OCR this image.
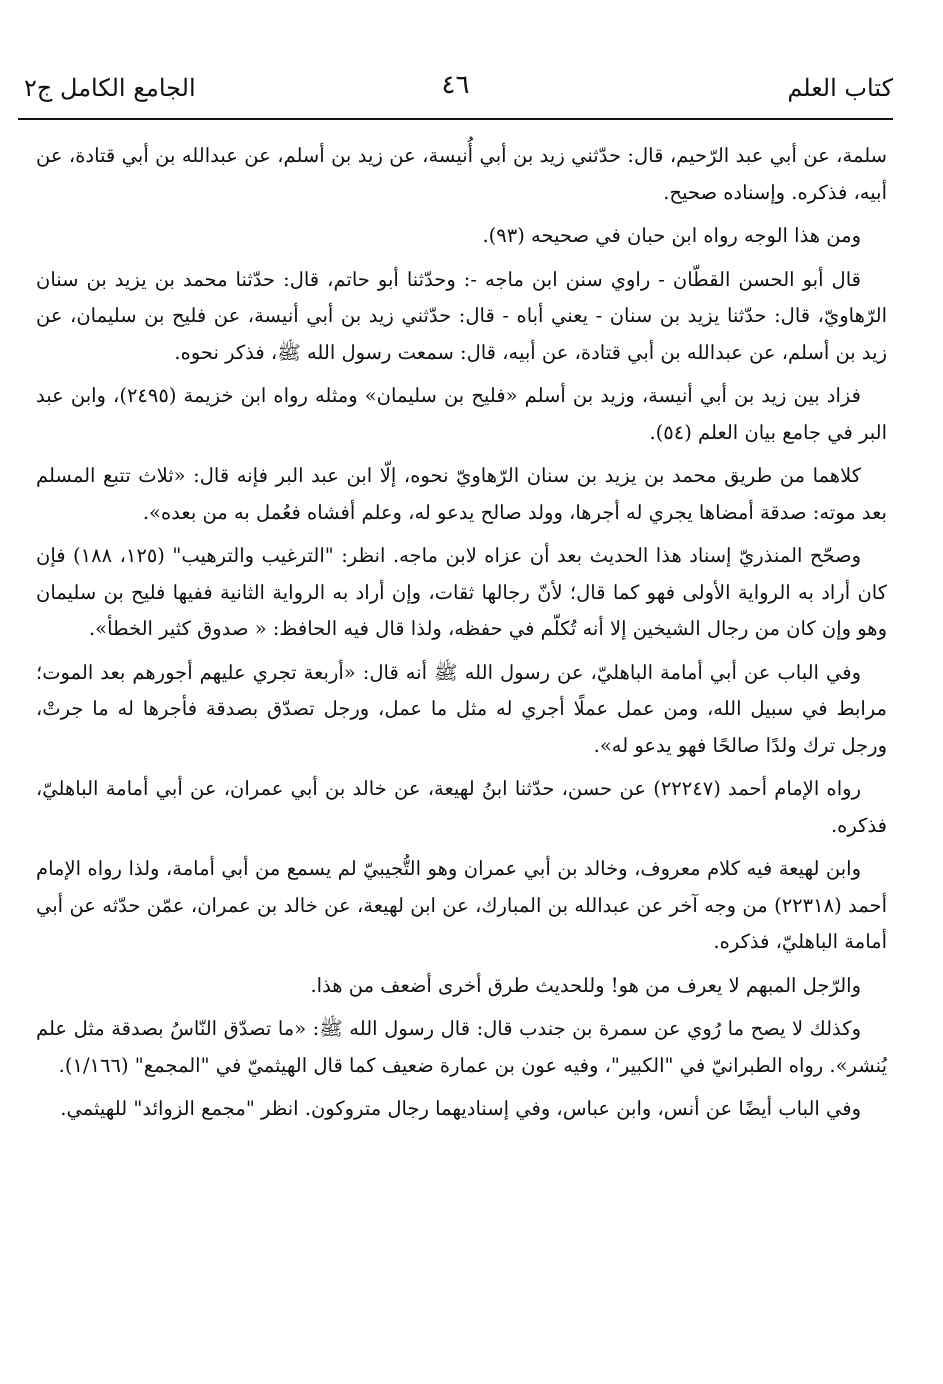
كتاب العلم
٤٦
الجامع الكامل ج٢

سلمة، عن أبي عبد الرّحيم، قال: حدّثني زيد بن أبي أُنيسة، عن زيد بن أسلم، عن عبدالله بن أبي قتادة، عن أبيه، فذكره. وإسناده صحيح.

ومن هذا الوجه رواه ابن حبان في صحيحه (٩٣).

قال أبو الحسن القطّان - راوي سنن ابن ماجه -: وحدّثنا أبو حاتم، قال: حدّثنا محمد بن يزيد بن سنان الرّهاويّ، قال: حدّثنا يزيد بن سنان - يعني أباه - قال: حدّثني زيد بن أبي أنيسة، عن فليح بن سليمان، عن زيد بن أسلم، عن عبدالله بن أبي قتادة، عن أبيه، قال: سمعت رسول الله ﷺ، فذكر نحوه.

فزاد بين زيد بن أبي أنيسة، وزيد بن أسلم «فليح بن سليمان» ومثله رواه ابن خزيمة (٢٤٩٥)، وابن عبد البر في جامع بيان العلم (٥٤).

كلاهما من طريق محمد بن يزيد بن سنان الرّهاويّ نحوه، إلّا ابن عبد البر فإنه قال: «ثلاث تتبع المسلم بعد موته: صدقة أمضاها يجري له أجرها، وولد صالح يدعو له، وعلم أفشاه فعُمل به من بعده».

وصحّح المنذريّ إسناد هذا الحديث بعد أن عزاه لابن ماجه. انظر: "الترغيب والترهيب" (١٢٥، ١٨٨) فإن كان أراد به الرواية الأولى فهو كما قال؛ لأنّ رجالها ثقات، وإن أراد به الرواية الثانية ففيها فليح بن سليمان وهو وإن كان من رجال الشيخين إلا أنه تُكلّم في حفظه، ولذا قال فيه الحافظ: « صدوق كثير الخطأ».

وفي الباب عن أبي أمامة الباهليّ، عن رسول الله ﷺ أنه قال: «أربعة تجري عليهم أجورهم بعد الموت؛ مرابط في سبيل الله، ومن عمل عملًا أجري له مثل ما عمل، ورجل تصدّق بصدقة فأجرها له ما جرتْ، ورجل ترك ولدًا صالحًا فهو يدعو له».

رواه الإمام أحمد (٢٢٢٤٧) عن حسن، حدّثنا ابنُ لهيعة، عن خالد بن أبي عمران، عن أبي أمامة الباهليّ، فذكره.

وابن لهيعة فيه كلام معروف، وخالد بن أبي عمران وهو التُّجيبيّ لم يسمع من أبي أمامة، ولذا رواه الإمام أحمد (٢٢٣١٨) من وجه آخر عن عبدالله بن المبارك، عن ابن لهيعة، عن خالد بن عمران، عمّن حدّثه عن أبي أمامة الباهليّ، فذكره.

والرّجل المبهم لا يعرف من هو! وللحديث طرق أخرى أضعف من هذا.

وكذلك لا يصح ما رُوي عن سمرة بن جندب قال: قال رسول الله ﷺ: «ما تصدّق النّاسُ بصدقة مثل علم يُنشر». رواه الطبرانيّ في "الكبير"، وفيه عون بن عمارة ضعيف كما قال الهيثميّ في "المجمع" (١/١٦٦).

وفي الباب أيضًا عن أنس، وابن عباس، وفي إسناديهما رجال متروكون. انظر "مجمع الزوائد" للهيثمي.
